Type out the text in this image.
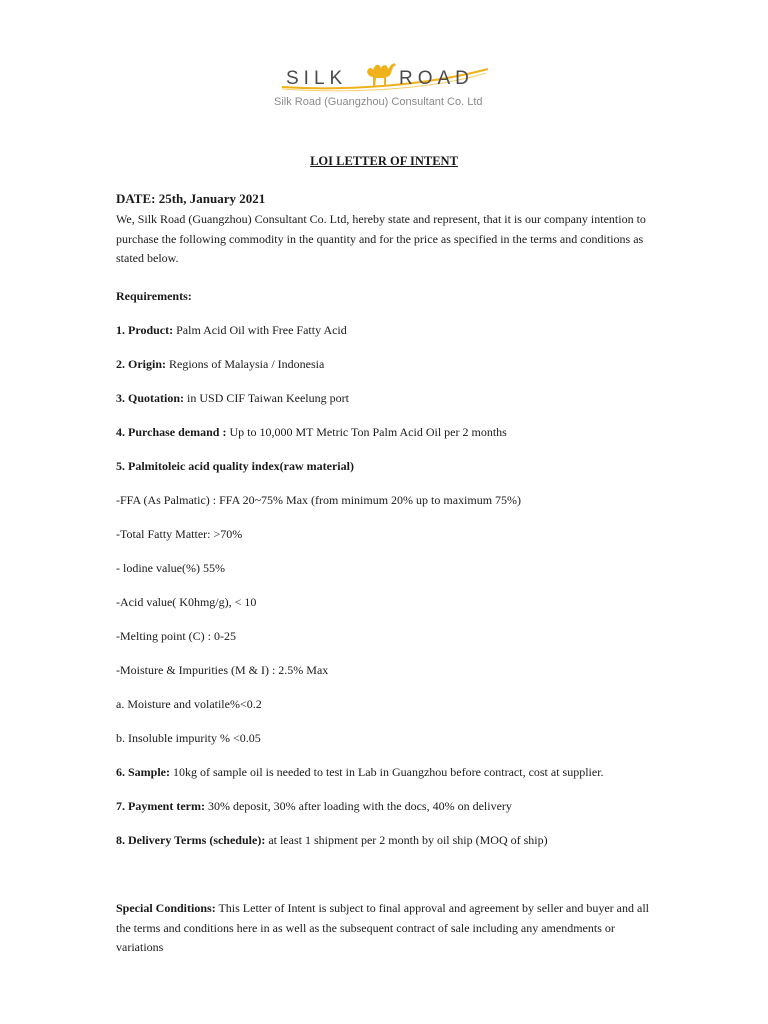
SILK	ROAD
Silk Road (Guangzhou) Consultant Co. Ltd
LOI LETTER OF INTENT
DATE: 25th, January 2021
We, Silk Road (Guangzhou) Consultant Co. Ltd, hereby state and represent, that it is our company intention to purchase the following commodity in the quantity and for the price as specified in the terms and conditions as stated below.
Requirements:
1. Product: Palm Acid Oil with Free Fatty Acid
2. Origin: Regions of Malaysia / Indonesia
3. Quotation: in USD CIF Taiwan Keelung port
4. Purchase demand : Up to 10,000 MT Metric Ton Palm Acid Oil per 2 months
5. Palmitoleic acid quality index(raw material)
-FFA (As Palmatic) : FFA 20~75% Max (from minimum 20% up to maximum 75%)
-Total Fatty Matter: >70%
- lodine value(%) 55%
-Acid value( K0hmg/g), < 10
-Melting point (C) : 0-25
-Moisture & Impurities (M & I) : 2.5% Max
a. Moisture and volatile%<0.2
b. Insoluble impurity % <0.05
6. Sample: 10kg of sample oil is needed to test in Lab in Guangzhou before contract, cost at supplier.
7. Payment term: 30% deposit, 30% after loading with the docs, 40% on delivery
8. Delivery Terms (schedule): at least 1 shipment per 2 month by oil ship (MOQ of ship)
Special Conditions: This Letter of Intent is subject to final approval and agreement by seller and buyer and all the terms and conditions here in as well as the subsequent contract of sale including any amendments or variations
